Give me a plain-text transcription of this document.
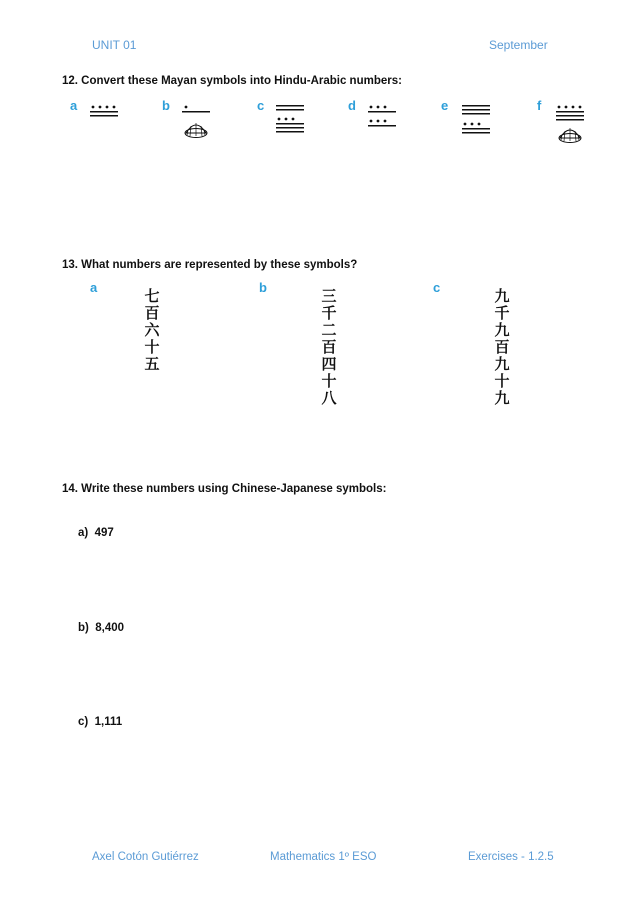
UNIT 01	September
12. Convert these Mayan symbols into Hindu-Arabic numbers:
a	b	c	d	e	f
13. What numbers are represented by these symbols?
a	七
百
六
十
五
b	三
千
二
百
四
十
八
c	九
千
九
百
九
十
九
14. Write these numbers using Chinese-Japanese symbols:
a) 497
b) 8,400
c) 1,111
Axel Cotón Gutiérrez	Mathematics 1º ESO	Exercises - 1.2.5
